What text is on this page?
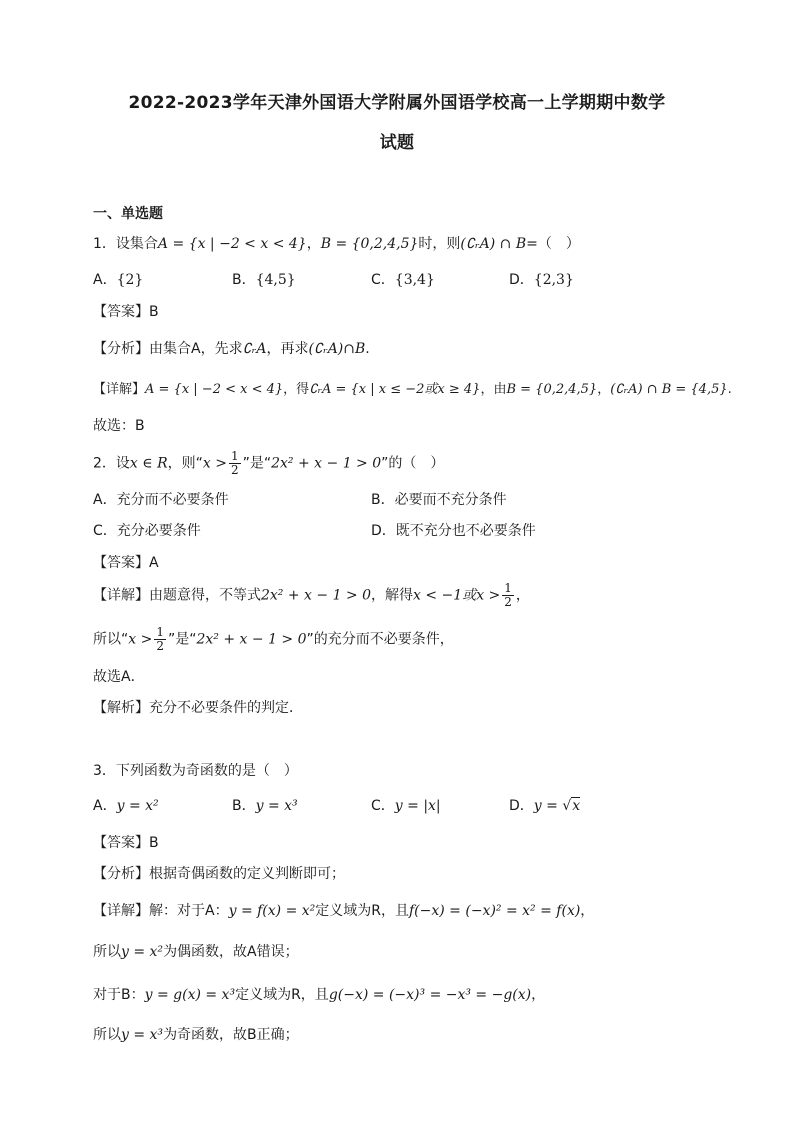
2022-2023学年天津外国语大学附属外国语学校高一上学期期中数学
试题
一、单选题
1．设集合A = {x | −2 < x < 4}，B = {0,2,4,5}时，则(∁ᵣA) ∩ B=（　）
A．{2}	B．{4,5}	C．{3,4}	D．{2,3}
【答案】B
【分析】由集合A，先求∁ᵣA，再求(∁ᵣA)∩B.
【详解】A = {x | −2 < x < 4}，得∁ᵣA = {x | x ≤ −2或x ≥ 4}，由B = {0,2,4,5}，(∁ᵣA) ∩ B = {4,5}.
故选：B
2．设x ∈ R，则“$x > \frac{1}{2}$ ”是“2x² + x − 1 > 0”的（　）
A．充分而不必要条件	B．必要而不充分条件
C．充分必要条件	D．既不充分也不必要条件
【答案】A
【详解】由题意得，不等式2x² + x − 1 > 0，解得x < −1或$x > \frac{1}{2}$ ，
所以“$x > \frac{1}{2}$ ”是“2x² + x − 1 > 0”的充分而不必要条件，
故选A．
【解析】充分不必要条件的判定．
3．下列函数为奇函数的是（　）
A．y = x²	B．y = x³	C．y = |x|	D．y = √x
【答案】B
【分析】根据奇偶函数的定义判断即可；
【详解】解：对于A：y = f(x) = x²定义域为R，且f(−x) = (−x)² = x² = f(x)，
所以y = x²为偶函数，故A错误；
对于B：y = g(x) = x³定义域为R，且g(−x) = (−x)³ = −x³ = −g(x)，
所以y = x³为奇函数，故B正确；
